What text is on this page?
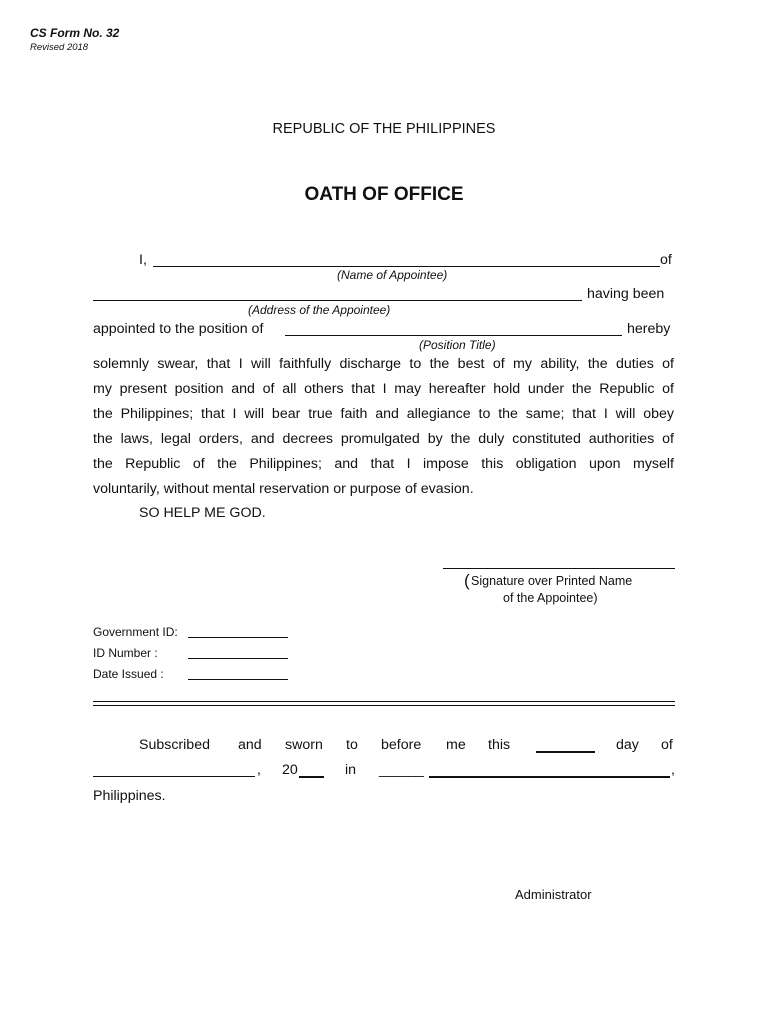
CS Form No. 32
Revised 2018
REPUBLIC OF THE PHILIPPINES
OATH OF OFFICE
I,	of
(Name of Appointee)
having been
(Address of the Appointee)
appointed to the position of	hereby
(Position Title)
solemnly swear, that I will faithfully discharge to the best of my ability, the duties of
my present position and of all others that I may hereafter hold under the Republic of
the Philippines; that I will bear true faith and allegiance to the same; that I will obey
the laws, legal orders, and decrees promulgated by the duly constituted authorities of
the Republic of the Philippines; and that I impose this obligation upon myself
voluntarily, without mental reservation or purpose of evasion.
SO HELP ME GOD.
( Signature over Printed Name
of the Appointee)
Government ID:
ID Number :
Date Issued :
Subscribed and sworn to before me this	day of
, 20	in ______	,
Philippines.
Administrator
